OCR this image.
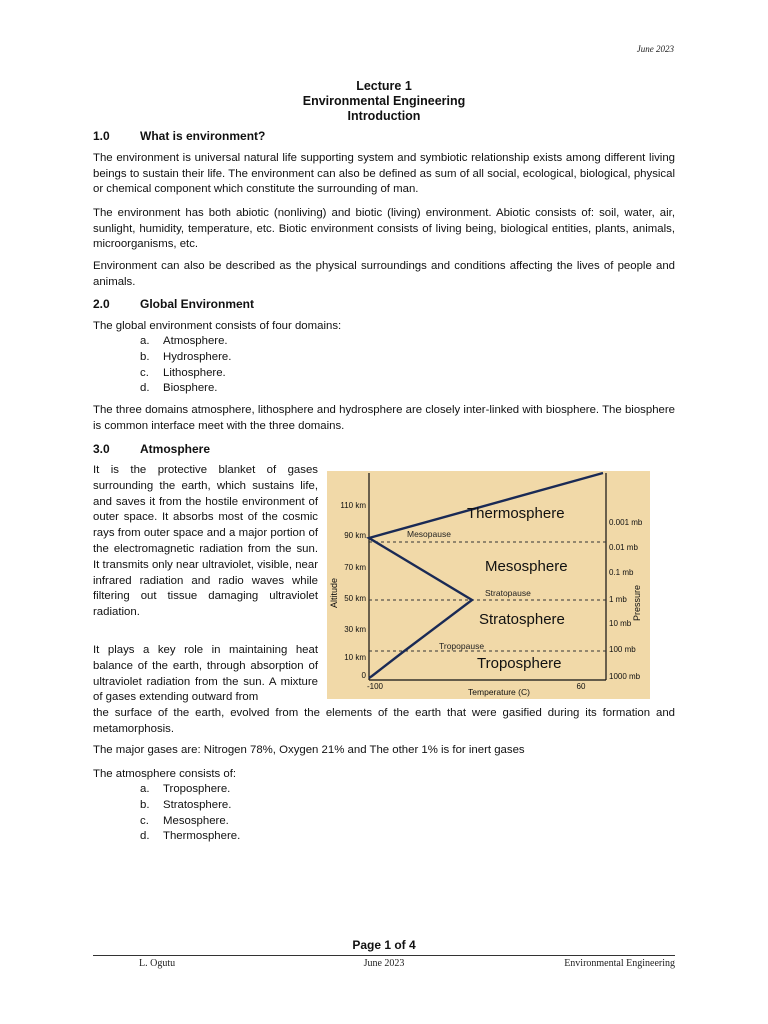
June 2023
Lecture 1
Environmental Engineering
Introduction
1.0	What is environment?

The environment is universal natural life supporting system and symbiotic relationship exists among different living beings to sustain their life. The environment can also be defined as sum of all social, ecological, biological, physical or chemical component which constitute the surrounding of man.

The environment has both abiotic (nonliving) and biotic (living) environment. Abiotic consists of: soil, water, air, sunlight, humidity, temperature, etc. Biotic environment consists of living being, biological entities, plants, animals, microorganisms, etc.

Environment can also be described as the physical surroundings and conditions affecting the lives of people and animals.

2.0	Global Environment

The global environment consists of four domains:

a. Atmosphere.
b. Hydrosphere.
c. Lithosphere.
d. Biosphere.

The three domains atmosphere, lithosphere and hydrosphere are closely inter-linked with biosphere. The biosphere is common interface meet with the three domains.

3.0	Atmosphere

It is the protective blanket of gases surrounding the earth, which sustains life, and saves it from the hostile environment of outer space. It absorbs most of the cosmic rays from outer space and a major portion of the electromagnetic radiation from the sun. It transmits only near ultraviolet, visible, near infrared radiation and radio waves while filtering out tissue damaging ultraviolet radiation.

It plays a key role in maintaining heat balance of the earth, through absorption of ultraviolet radiation from the sun. A mixture of gases extending outward from

the surface of the earth, evolved from the elements of the earth that were gasified during its formation and metamorphosis.

The major gases are: Nitrogen 78%, Oxygen 21% and The other 1% is for inert gases

The atmosphere consists of:

a. Troposphere.
b. Stratosphere.
c. Mesosphere.
d. Thermosphere.
110 km
90 km
70 km
50 km
30 km
10 km
0
Altitude
0.001 mb
0.01 mb
0.1 mb
1 mb
10 mb
100 mb
1000 mb
Pressure
-100	60
Temperature (C)
Thermosphere
Mesosphere
Stratosphere
Troposphere
Mesopause
Stratopause
Tropopause
Page 1 of 4
L. Ogutu	June 2023	Environmental Engineering
